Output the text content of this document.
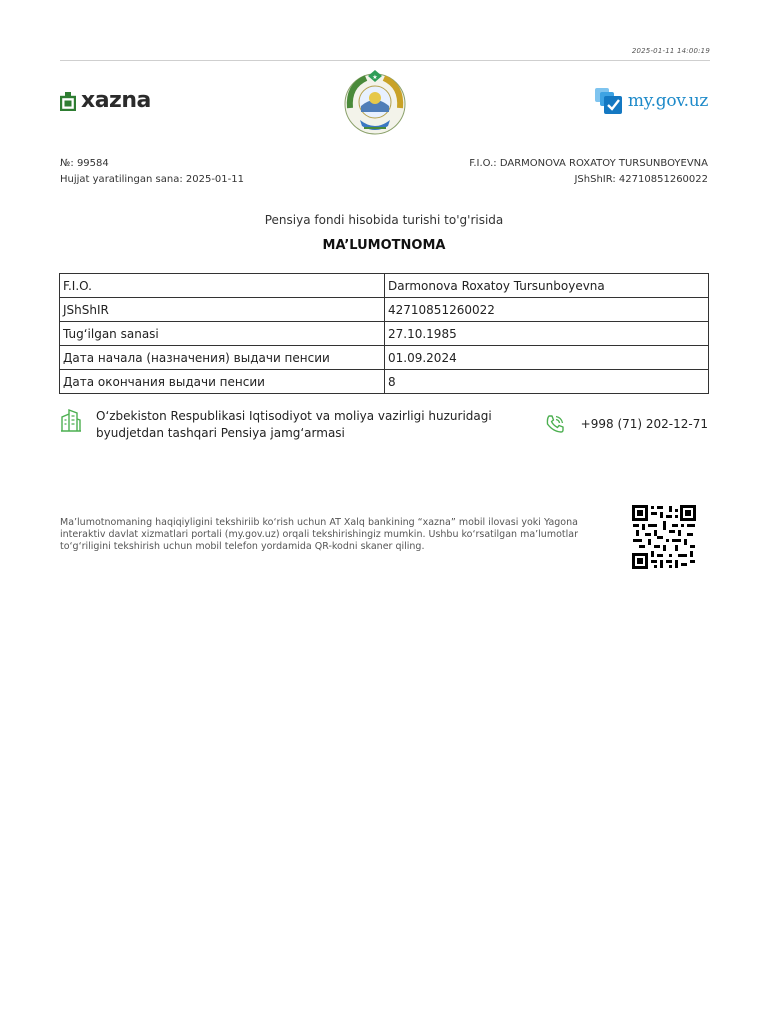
2025-01-11 14:00:19
xazna
★
my.gov.uz
№: 99584
Hujjat yaratilingan sana: 2025-01-11
F.I.O.: DARMONOVA ROXATOY TURSUNBOYEVNA
JShShIR: 42710851260022
Pensiya fondi hisobida turishi to'g'risida
MA’LUMOTNOMA
F.I.O.	Darmonova Roxatoy Tursunboyevna
JShShIR	42710851260022
Tug‘ilgan sanasi	27.10.1985
Дата начала (назначения) выдачи пенсии	01.09.2024
Дата окончания выдачи пенсии	8
O‘zbekiston Respublikasi Iqtisodiyot va moliya vazirligi huzuridagi
byudjetdan tashqari Pensiya jamg‘armasi
+998 (71) 202-12-71
Ma’lumotnomaning haqiqiyligini tekshiriib ko‘rish uchun AT Xalq bankining “xazna” mobil ilovasi yoki Yagona interaktiv davlat xizmatlari portali (my.gov.uz) orqali tekshirishingiz mumkin. Ushbu ko‘rsatilgan ma’lumotlar to‘g‘riligini tekshirish uchun mobil telefon yordamida QR-kodni skaner qiling.
